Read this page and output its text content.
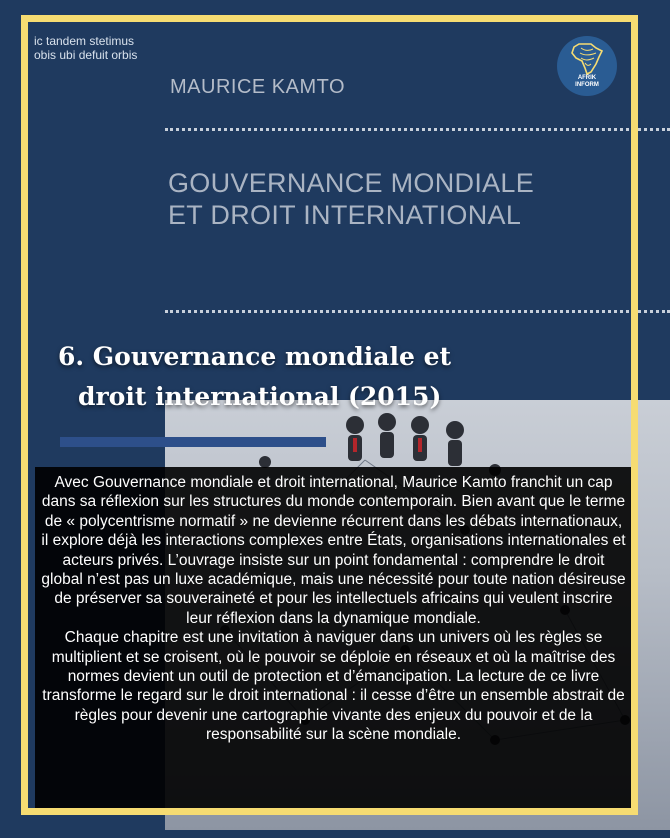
ic tandem stetimus
obis ubi defuit orbis
AFRIK
INFORM
MAURICE KAMTO
GOUVERNANCE MONDIALE
ET DROIT INTERNATIONAL
6. Gouvernance mondiale et
droit international (2015)

Avec Gouvernance mondiale et droit international, Maurice Kamto franchit un cap dans sa réflexion sur les structures du monde contemporain. Bien avant que le terme de « polycentrisme normatif » ne devienne récurrent dans les débats internationaux, il explore déjà les interactions complexes entre États, organisations internationales et acteurs privés. L’ouvrage insiste sur un point fondamental : comprendre le droit global n’est pas un luxe académique, mais une nécessité pour toute nation désireuse de préserver sa souveraineté et pour les intellectuels africains qui veulent inscrire leur réflexion dans la dynamique mondiale.

Chaque chapitre est une invitation à naviguer dans un univers où les règles se multiplient et se croisent, où le pouvoir se déploie en réseaux et où la maîtrise des normes devient un outil de protection et d’émancipation. La lecture de ce livre transforme le regard sur le droit international : il cesse d’être un ensemble abstrait de règles pour devenir une cartographie vivante des enjeux du pouvoir et de la responsabilité sur la scène mondiale.
